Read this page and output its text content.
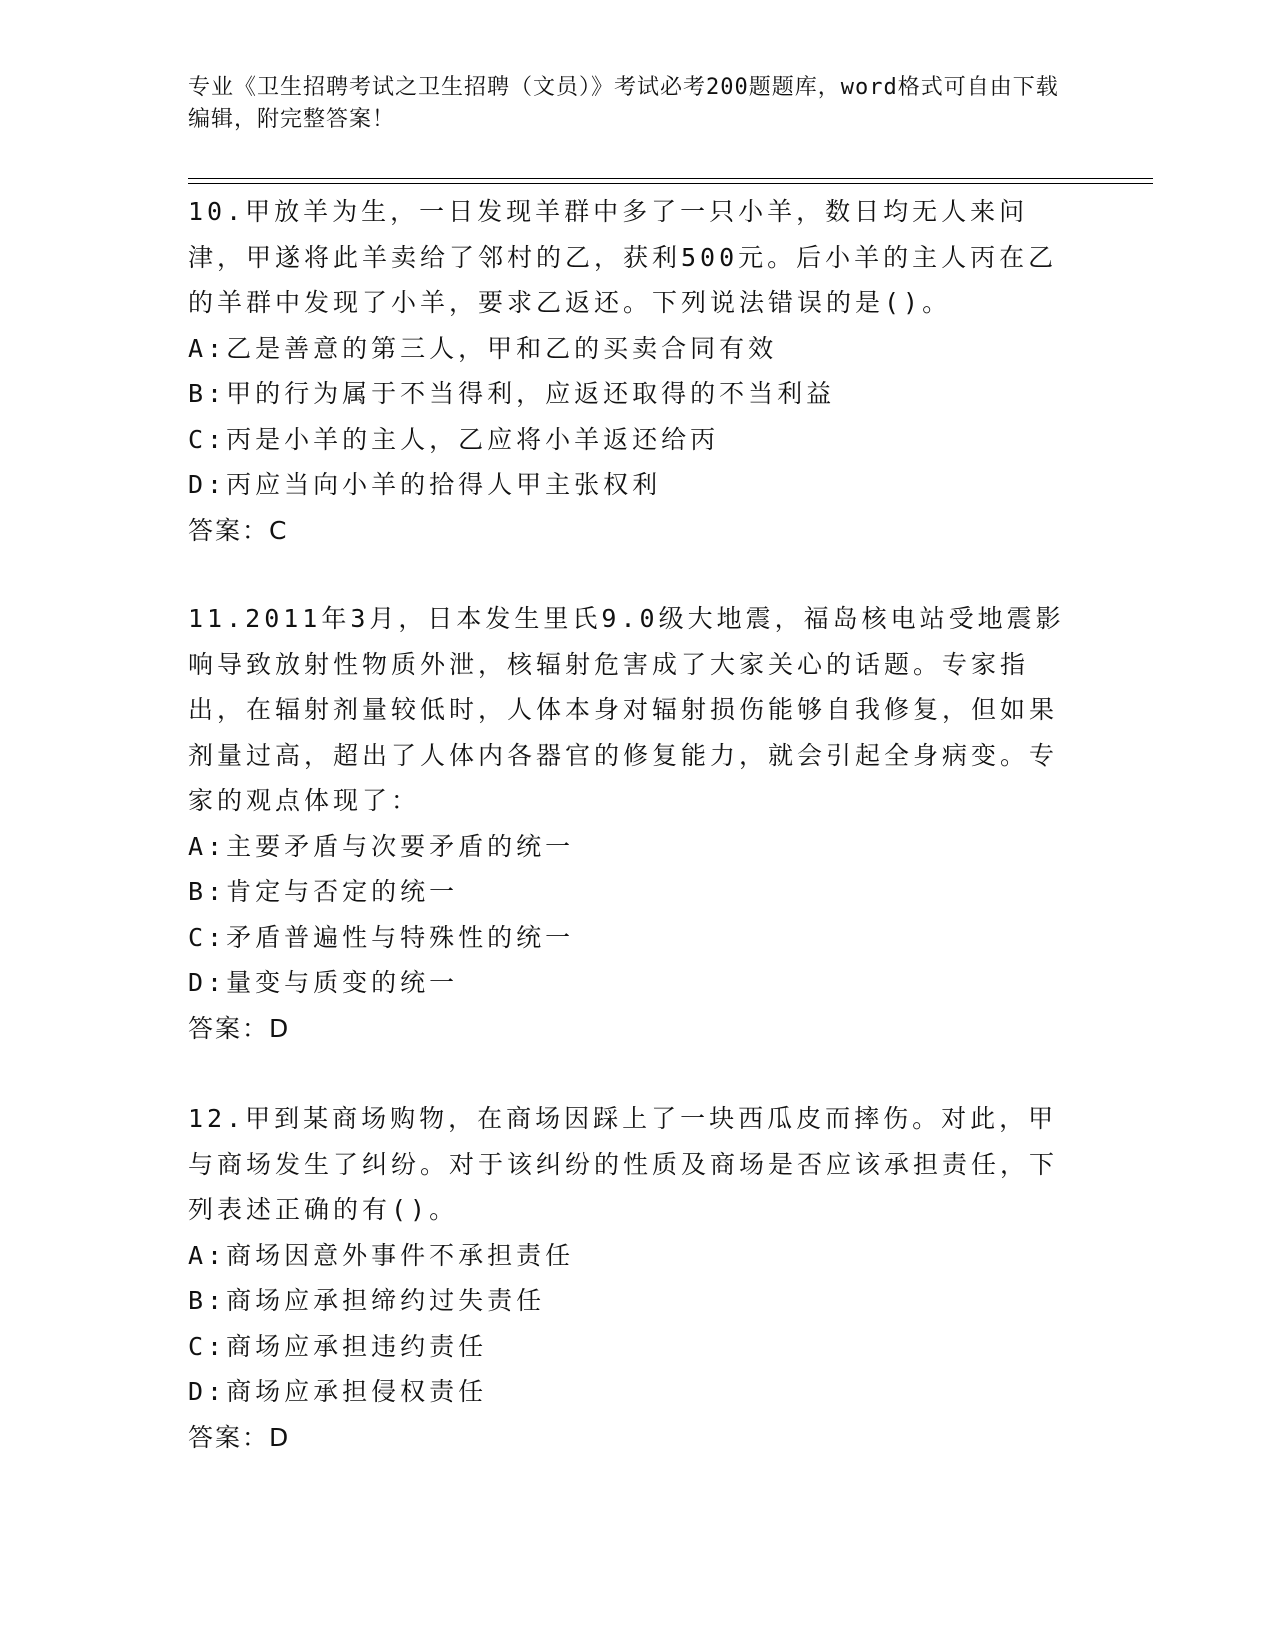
专业《卫生招聘考试之卫生招聘（文员）》考试必考200题题库，word格式可自由下载编辑，附完整答案！

10.甲放羊为生，一日发现羊群中多了一只小羊，数日均无人来问津，甲遂将此羊卖给了邻村的乙，获利500元。后小羊的主人丙在乙的羊群中发现了小羊，要求乙返还。下列说法错误的是()。

A:乙是善意的第三人，甲和乙的买卖合同有效

B:甲的行为属于不当得利，应返还取得的不当利益

C:丙是小羊的主人，乙应将小羊返还给丙

D:丙应当向小羊的拾得人甲主张权利

答案：C

11.2011年3月，日本发生里氏9.0级大地震，福岛核电站受地震影响导致放射性物质外泄，核辐射危害成了大家关心的话题。专家指出，在辐射剂量较低时，人体本身对辐射损伤能够自我修复，但如果剂量过高，超出了人体内各器官的修复能力，就会引起全身病变。专家的观点体现了：

A:主要矛盾与次要矛盾的统一

B:肯定与否定的统一

C:矛盾普遍性与特殊性的统一

D:量变与质变的统一

答案：D

12.甲到某商场购物，在商场因踩上了一块西瓜皮而摔伤。对此，甲与商场发生了纠纷。对于该纠纷的性质及商场是否应该承担责任，下列表述正确的有()。

A:商场因意外事件不承担责任

B:商场应承担缔约过失责任

C:商场应承担违约责任

D:商场应承担侵权责任

答案：D
